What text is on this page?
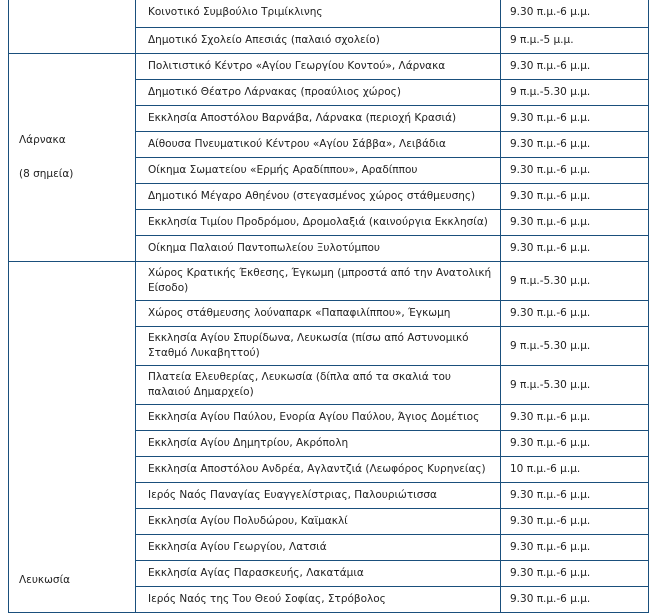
	Κοινοτικό Συμβούλιο Τριμίκλινης	9.30 π.μ.-6 μ.μ.
	Δημοτικό Σχολείο Απεσιάς (παλαιό σχολείο)	9 π.μ.-5 μ.μ.

Λάρνακα
(8 σημεία)	Πολιτιστικό Κέντρο «Αγίου Γεωργίου Κοντού», Λάρνακα	9.30 π.μ.-6 μ.μ.
	Δημοτικό Θέατρο Λάρνακας (προαύλιος χώρος)	9 π.μ.-5.30 μ.μ.
	Εκκλησία Αποστόλου Βαρνάβα, Λάρνακα (περιοχή Κρασιά)	9.30 π.μ.-6 μ.μ.
	Αίθουσα Πνευματικού Κέντρου «Αγίου Σάββα», Λειβάδια	9.30 π.μ.-6 μ.μ.
	Οίκημα Σωματείου «Ερμής Αραδίππου», Αραδίππου	9.30 π.μ.-6 μ.μ.
	Δημοτικό Μέγαρο Αθηένου (στεγασμένος χώρος στάθμευσης)	9.30 π.μ.-6 μ.μ.
	Εκκλησία Τιμίου Προδρόμου, Δρομολαξιά (καινούργια Εκκλησία)	9.30 π.μ.-6 μ.μ.
	Οίκημα Παλαιού Παντοπωλείου Ξυλοτύμπου	9.30 π.μ.-6 μ.μ.

Λευκωσία	Χώρος Κρατικής Έκθεσης, Έγκωμη (μπροστά από την Ανατολική Είσοδο)	9 π.μ.-5.30 μ.μ.
	Χώρος στάθμευσης λούναπαρκ «Παπαφιλίππου», Έγκωμη	9.30 π.μ.-6 μ.μ.
	Εκκλησία Αγίου Σπυρίδωνα, Λευκωσία (πίσω από Αστυνομικό Σταθμό Λυκαβηττού)	9 π.μ.-5.30 μ.μ.
	Πλατεία Ελευθερίας, Λευκωσία (δίπλα από τα σκαλιά του παλαιού Δημαρχείο)	9 π.μ.-5.30 μ.μ.
	Εκκλησία Αγίου Παύλου, Ενορία Αγίου Παύλου, Άγιος Δομέτιος	9.30 π.μ.-6 μ.μ.
	Εκκλησία Αγίου Δημητρίου, Ακρόπολη	9.30 π.μ.-6 μ.μ.
	Εκκλησία Αποστόλου Ανδρέα, Αγλαντζιά (Λεωφόρος Κυρηνείας)	10 π.μ.-6 μ.μ.
	Ιερός Ναός Παναγίας Ευαγγελίστριας, Παλουριώτισσα	9.30 π.μ.-6 μ.μ.
	Εκκλησία Αγίου Πολυδώρου, Καϊμακλί	9.30 π.μ.-6 μ.μ.
	Εκκλησία Αγίου Γεωργίου, Λατσιά	9.30 π.μ.-6 μ.μ.
	Εκκλησία Αγίας Παρασκευής, Λακατάμια	9.30 π.μ.-6 μ.μ.
	Ιερός Ναός της Του Θεού Σοφίας, Στρόβολος	9.30 π.μ.-6 μ.μ.
